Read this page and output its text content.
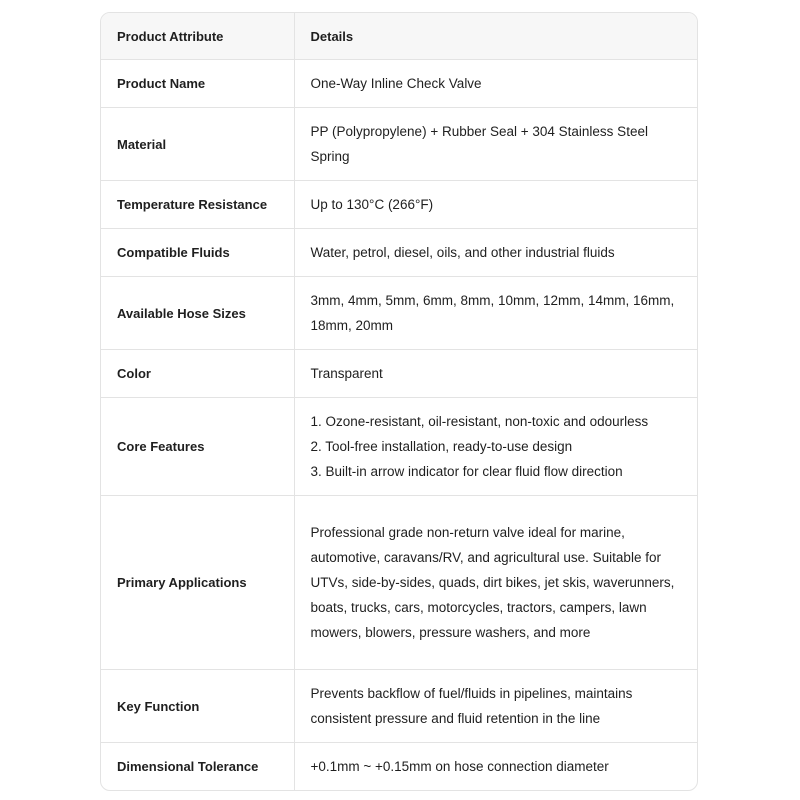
Product Attribute	Details
Product Name	One-Way Inline Check Valve

Material	PP (Polypropylene) + Rubber Seal + 304 Stainless Steel Spring

Temperature Resistance	Up to 130°C (266°F)

Compatible Fluids	Water, petrol, diesel, oils, and other industrial fluids

Available Hose Sizes	3mm, 4mm, 5mm, 6mm, 8mm, 10mm, 12mm, 14mm, 16mm, 18mm, 20mm

Color	Transparent

Core Features	1. Ozone-resistant, oil-resistant, non-toxic and odourless
2. Tool-free installation, ready-to-use design
3. Built-in arrow indicator for clear fluid flow direction

Primary Applications	Professional grade non-return valve ideal for marine, automotive, caravans/RV, and agricultural use. Suitable for UTVs, side-by-sides, quads, dirt bikes, jet skis, waverunners, boats, trucks, cars, motorcycles, tractors, campers, lawn mowers, blowers, pressure washers, and more

Key Function	Prevents backflow of fuel/fluids in pipelines, maintains consistent pressure and fluid retention in the line

Dimensional Tolerance	+0.1mm ~ +0.15mm on hose connection diameter
